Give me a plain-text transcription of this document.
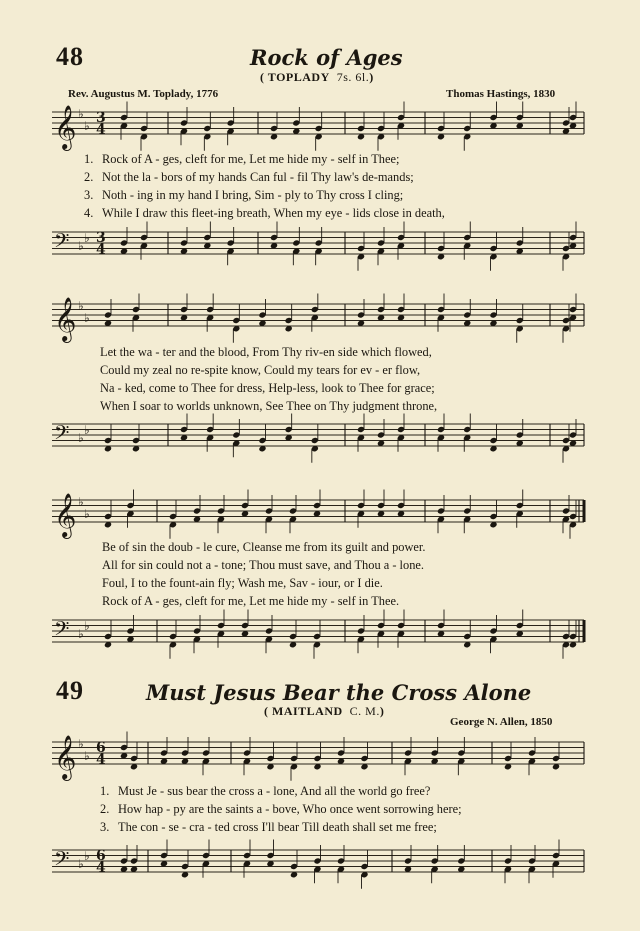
48	Rock of Ages
( TOPLADY 7s. 6l.)
Rev. Augustus M. Toplady, 1776	Thomas Hastings, 1830
49	Must Jesus Bear the Cross Alone
( MAITLAND C. M.)
George N. Allen, 1850
𝄞 ♭
♭ 3
4
𝄢 ♭
♭ 3
4
𝄞 ♭
♭
𝄢 ♭
♭
𝄞 ♭
♭
𝄢 ♭
♭
𝄞 ♭
♭ 6
4
𝄢 ♭
♭ 6
4
1. Rock of A - ges, cleft for me, Let me hide my - self in Thee;
2. Not the la - bors of my hands Can ful - fil Thy law's de-mands;
3. Noth - ing in my hand I bring, Sim - ply to Thy cross I cling;
4. While I draw this fleet-ing breath, When my eye - lids close in death,
Let the wa - ter and the blood, From Thy riv-en side which flowed,
Could my zeal no re-spite know, Could my tears for ev - er flow,
Na - ked, come to Thee for dress, Help-less, look to Thee for grace;
When I soar to worlds unknown, See Thee on Thy judgment throne,
Be of sin the doub - le cure, Cleanse me from its guilt and power.
All for sin could not a - tone; Thou must save, and Thou a - lone.
Foul, I to the fount-ain fly; Wash me, Sav - iour, or I die.
Rock of A - ges, cleft for me, Let me hide my - self in Thee.
1. Must Je - sus bear the cross a - lone, And all the world go free?
2. How hap - py are the saints a - bove, Who once went sorrowing here;
3. The con - se - cra - ted cross I'll bear Till death shall set me free;
